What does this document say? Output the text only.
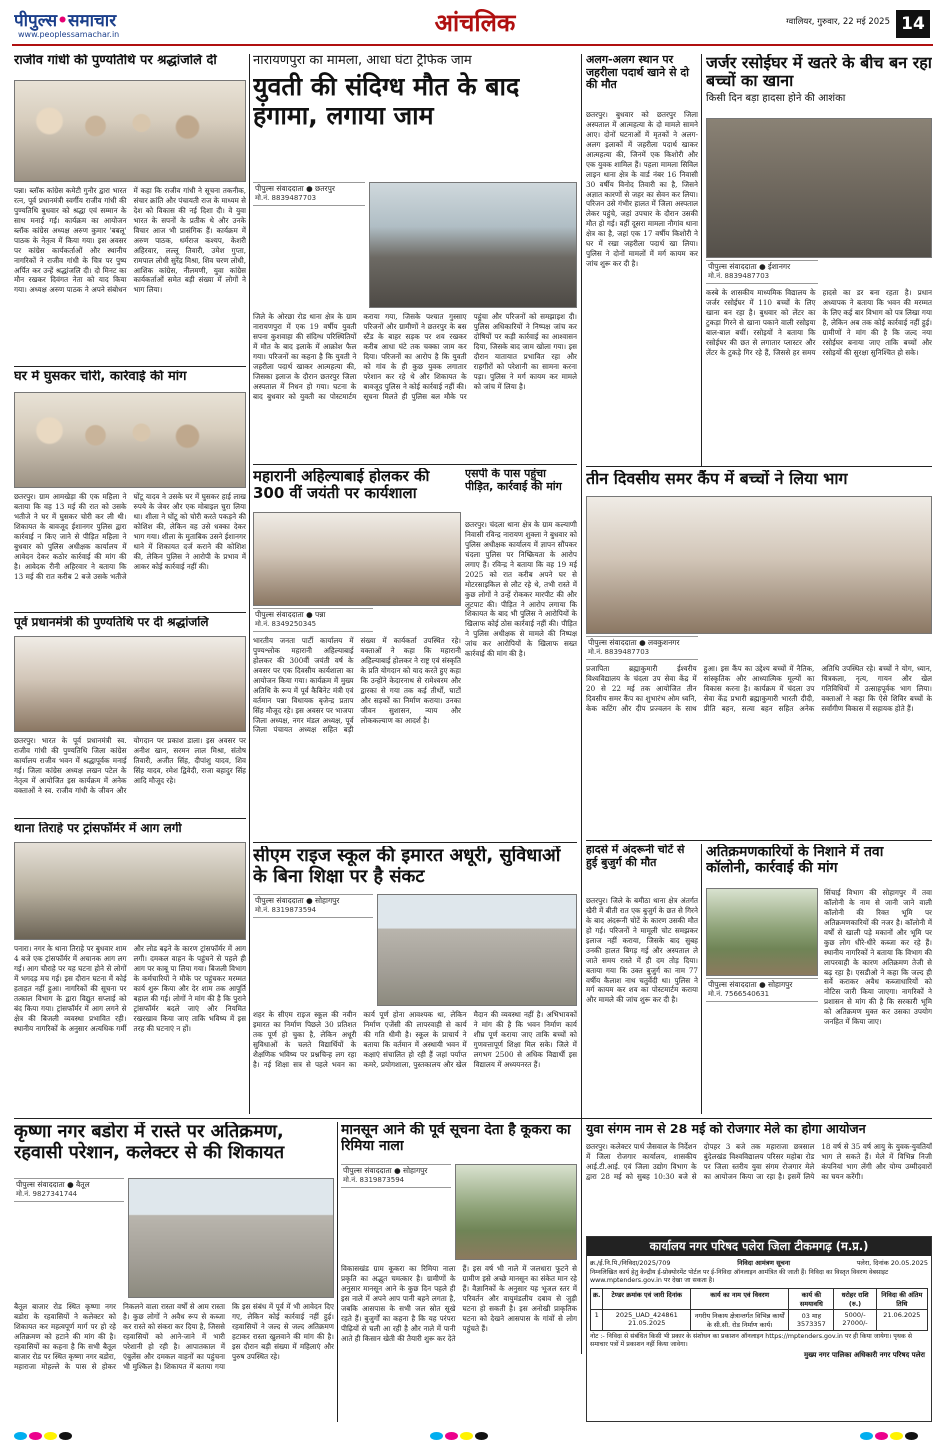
पीपुल्स•समाचार
www.peoplessamachar.in	आंचलिक	ग्वालियर, गुरुवार, 22 मई 2025 14
राजीव गांधी की पुण्यतिथि पर श्रद्धांजलि दी
पन्ना। ब्लॉक कांग्रेस कमेटी गुनौर द्वारा भारत रत्न, पूर्व प्रधानमंत्री स्वर्गीय राजीव गांधी की पुण्यतिथि बुधवार को श्रद्धा एवं सम्मान के साथ मनाई गई। कार्यक्रम का आयोजन ब्लॉक कांग्रेस अध्यक्ष अरुण कुमार 'बबलू' पाठक के नेतृत्व में किया गया। इस अवसर पर कांग्रेस कार्यकर्ताओं और स्थानीय नागरिकों ने राजीव गांधी के चित्र पर पुष्प अर्पित कर उन्हें श्रद्धांजलि दी। दो मिनट का मौन रखकर दिवंगत नेता को याद किया गया। अध्यक्ष अरुण पाठक ने अपने संबोधन में कहा कि राजीव गांधी ने सूचना तकनीक, संचार क्रांति और पंचायती राज के माध्यम से देश को विकास की नई दिशा दी। वे युवा भारत के सपनों के प्रतीक थे और उनके विचार आज भी प्रासंगिक हैं। कार्यक्रम में अरुण पाठक, धर्मराज कश्यप, केशरी अहिरवार, लल्लू तिवारी, उमेश गुप्ता, रामपाल लोधी सुरेंद्र मिश्रा, शिव चरण लोधी, आशिक कांग्रेस, नीलमणी, युवा कांग्रेस कार्यकर्ताओं समेत बड़ी संख्या में लोगों ने भाग लिया।
घर में घुसकर चोरी, कार्रवाई की मांग
छतरपुर। ग्राम आमखेड़ा की एक महिला ने बताया कि वह 13 मई की रात को उसके भतीजे ने घर में घुसकर चोरी कर ली थी। शिकायत के बावजूद ईशानगर पुलिस द्वारा कार्रवाई न किए जाने से पीड़ित महिला ने बुधवार को पुलिस अधीक्षक कार्यालय में आवेदन देकर कठोर कार्रवाई की मांग की है। आवेदक रीनी अहिरवार ने बताया कि 13 मई की रात करीब 2 बजे उसके भतीजे घोंटू यादव ने उसके घर में घुसकर हाई लाख रुपये के जेवर और एक मोबाइल चुरा लिया था। शीला ने घोंटू को चोरी करते पकड़ने की कोशिश की, लेकिन वह उसे धक्का देकर भाग गया। शीला के मुताबिक उसने ईशानगर थाने में शिकायत दर्ज कराने की कोशिश की, लेकिन पुलिस ने आरोपी के प्रभाव में आकर कोई कार्रवाई नहीं की।
पूर्व प्रधानमंत्री की पुण्यतिथि पर दी श्रद्धांजलि
छतरपुर। भारत के पूर्व प्रधानमंत्री स्व. राजीव गांधी की पुण्यतिथि जिला कांग्रेस कार्यालय राजीव भवन में श्रद्धापूर्वक मनाई गई। जिला कांग्रेस अध्यक्ष लखन पटेल के नेतृत्व में आयोजित इस कार्यक्रम में अनेक वक्ताओं ने स्व. राजीव गांधी के जीवन और योगदान पर प्रकाश डाला। इस अवसर पर अनीश खान, सरमन लाल मिश्रा, संतोष तिवारी, अजीत सिंह, दीपांशु यादव, शिव सिंह यादव, रमेश द्विवेदी, राजा बहादुर सिंह आदि मौजूद रहे।
थाना तिराहे पर ट्रांसफॉर्मर में आग लगी
पनारा। नगर के थाना तिराहे पर बुधवार शाम 4 बजे एक ट्रांसफॉर्मर में अचानक आग लग गई। आग चौराहे पर यह घटना होने से लोगों में भगदड़ मच गई। इस दौरान घटना में कोई हताहत नहीं हुआ। नागरिकों की सूचना पर तत्काल विभाग के द्वारा विद्युत सप्लाई को बंद किया गया। ट्रांसफॉर्मर में आग लगने से क्षेत्र की बिजली व्यवस्था प्रभावित रही। स्थानीय नागरिकों के अनुसार अत्यधिक गर्मी और लोड बढ़ने के कारण ट्रांसफॉर्मर में आग लगी। दमकल वाहन के पहुंचने से पहले ही आग पर काबू पा लिया गया। बिजली विभाग के कर्मचारियों ने मौके पर पहुंचकर मरम्मत कार्य शुरू किया और देर शाम तक आपूर्ति बहाल की गई। लोगों ने मांग की है कि पुराने ट्रांसफॉर्मर बदले जाएं और नियमित रखरखाव किया जाए ताकि भविष्य में इस तरह की घटनाएं न हों।
नारायणपुरा का मामला, आधा घंटा ट्रैफिक जाम
युवती की संदिग्ध मौत के बाद हंगामा, लगाया जाम
पीपुल्स संवाददाता ● छतरपुर
मो.नं. 8839487703
जिले के ओरछा रोड थाना क्षेत्र के ग्राम नारायणपुरा में एक 19 वर्षीय युवती सपना कुशवाहा की संदिग्ध परिस्थितियों में मौत के बाद इलाके में आक्रोश फैल गया। परिजनों का कहना है कि युवती ने जहरीला पदार्थ खाकर आत्महत्या की, जिसका इलाज के दौरान छतरपुर जिला अस्पताल में निधन हो गया। घटना के बाद बुधवार को युवती का पोस्टमार्टम कराया गया, जिसके पश्चात गुस्साए परिजनों और ग्रामीणों ने छतरपुर के बस स्टैंड के बाहर सड़क पर शव रखकर करीब आधा घंटे तक चक्का जाम कर दिया। परिजनों का आरोप है कि युवती को गांव के ही कुछ युवक लगातार परेशान कर रहे थे और शिकायत के बावजूद पुलिस ने कोई कार्रवाई नहीं की। सूचना मिलते ही पुलिस बल मौके पर पहुंचा और परिजनों को समझाइश दी। पुलिस अधिकारियों ने निष्पक्ष जांच कर दोषियों पर कड़ी कार्रवाई का आश्वासन दिया, जिसके बाद जाम खोला गया। इस दौरान यातायात प्रभावित रहा और राहगीरों को परेशानी का सामना करना पड़ा। पुलिस ने मर्ग कायम कर मामले को जांच में लिया है।
महारानी अहिल्याबाई होलकर की 300 वीं जयंती पर कार्यशाला
पीपुल्स संवाददाता ● पन्ना
मो.नं. 8349250345
भारतीय जनता पार्टी कार्यालय में पुण्यश्लोक महारानी अहिल्याबाई होलकर की 300वीं जयंती वर्ष के अवसर पर एक दिवसीय कार्यशाला का आयोजन किया गया। कार्यक्रम में मुख्य अतिथि के रूप में पूर्व कैबिनेट मंत्री एवं वर्तमान पन्ना विधायक बृजेन्द्र प्रताप सिंह मौजूद रहे। इस अवसर पर भाजपा जिला अध्यक्ष, नगर मंडल अध्यक्ष, पूर्व जिला पंचायत अध्यक्ष सहित बड़ी संख्या में कार्यकर्ता उपस्थित रहे। वक्ताओं ने कहा कि महारानी अहिल्याबाई होलकर ने राष्ट्र एवं संस्कृति के प्रति योगदान को याद करते हुए कहा कि उन्होंने केदारनाथ से रामेश्वरम और द्वारका से गया तक कई तीर्थों, घाटों और सड़कों का निर्माण कराया। उनका जीवन सुशासन, न्याय और लोककल्याण का आदर्श है।
एसपी के पास पहुंचा पीड़ित, कार्रवाई की मांग
छतरपुर। चंदला थाना क्षेत्र के ग्राम कल्याणी निवासी रविन्द्र नारायण शुक्ला ने बुधवार को पुलिस अधीक्षक कार्यालय में ज्ञापन सौंपकर चंदला पुलिस पर निष्क्रियता के आरोप लगाए हैं। रविन्द्र ने बताया कि वह 19 मई 2025 को रात करीब अपने घर से मोटरसाइकिल से लौट रहे थे, तभी रास्ते में कुछ लोगों ने उन्हें रोककर मारपीट की और लूटपाट की। पीड़ित ने आरोप लगाया कि शिकायत के बाद भी पुलिस ने आरोपियों के खिलाफ कोई ठोस कार्रवाई नहीं की। पीड़ित ने पुलिस अधीक्षक से मामले की निष्पक्ष जांच कर आरोपियों के खिलाफ सख्त कार्रवाई की मांग की है।
सीएम राइज स्कूल की इमारत अधूरी, सुविधाओं के बिना शिक्षा पर है संकट
पीपुल्स संवाददाता ● सोहागपुर
मो.नं. 8319873594
शहर के सीएम राइज स्कूल की नवीन इमारत का निर्माण पिछले 30 प्रतिशत तक पूर्ण हो चुका है, लेकिन अधूरी सुविधाओं के चलते विद्यार्थियों के शैक्षणिक भविष्य पर प्रश्नचिन्ह लग रहा है। नई शिक्षा सत्र से पहले भवन का कार्य पूर्ण होना आवश्यक था, लेकिन निर्माण एजेंसी की लापरवाही से कार्य की गति धीमी है। स्कूल के प्राचार्य ने बताया कि वर्तमान में अस्थायी भवन में कक्षाएं संचालित हो रही हैं जहां पर्याप्त कमरे, प्रयोगशाला, पुस्तकालय और खेल मैदान की व्यवस्था नहीं है। अभिभावकों ने मांग की है कि भवन निर्माण कार्य शीघ्र पूर्ण कराया जाए ताकि बच्चों को गुणवत्तापूर्ण शिक्षा मिल सके। जिले में लगभग 2500 से अधिक विद्यार्थी इस विद्यालय में अध्ययनरत हैं।
अलग-अलग स्थान पर जहरीला पदार्थ खाने से दो की मौत
छतरपुर। बुधवार को छतरपुर जिला अस्पताल में आत्महत्या के दो मामले सामने आए। दोनों घटनाओं में मृतकों ने अलग-अलग इलाकों में जहरीला पदार्थ खाकर आत्महत्या की, जिनमें एक किशोरी और एक युवक शामिल हैं। पहला मामला सिविल लाइन थाना क्षेत्र के वार्ड नंबर 16 निवासी 30 वर्षीय विनोद तिवारी का है, जिसने अज्ञात कारणों से जहर का सेवन कर लिया। परिजन उसे गंभीर हालत में जिला अस्पताल लेकर पहुंचे, जहां उपचार के दौरान उसकी मौत हो गई। वहीं दूसरा मामला नौगांव थाना क्षेत्र का है, जहां एक 17 वर्षीय किशोरी ने घर में रखा जहरीला पदार्थ खा लिया। पुलिस ने दोनों मामलों में मर्ग कायम कर जांच शुरू कर दी है।
जर्जर रसोईघर में खतरे के बीच बन रहा बच्चों का खाना
किसी दिन बड़ा हादसा होने की आशंका
पीपुल्स संवाददाता ● ईशानगर
मो.नं. 8839487703
कस्बे के शासकीय माध्यमिक विद्यालय के जर्जर रसोईघर में 110 बच्चों के लिए खाना बन रहा है। बुधवार को लेंटर का टुकड़ा गिरने से खाना पकाने वाली रसोइया बाल-बाल बचीं। रसोइयों ने बताया कि रसोईघर की छत से लगातार प्लास्टर और लेंटर के टुकड़े गिर रहे हैं, जिससे हर समय हादसे का डर बना रहता है। प्रधान अध्यापक ने बताया कि भवन की मरम्मत के लिए कई बार विभाग को पत्र लिखा गया है, लेकिन अब तक कोई कार्रवाई नहीं हुई। ग्रामीणों ने मांग की है कि जल्द नया रसोईघर बनाया जाए ताकि बच्चों और रसोइयों की सुरक्षा सुनिश्चित हो सके।
तीन दिवसीय समर कैंप में बच्चों ने लिया भाग
पीपुल्स संवाददाता ● लवकुशनगर
मो.नं. 8839487703
प्रजापिता ब्रह्माकुमारी ईश्वरीय विश्वविद्यालय के चंदला उप सेवा केंद्र में 20 से 22 मई तक आयोजित तीन दिवसीय समर कैंप का शुभारंभ ओम ध्वनि, केक कटिंग और दीप प्रज्वलन के साथ हुआ। इस कैंप का उद्देश्य बच्चों में नैतिक, सांस्कृतिक और आध्यात्मिक मूल्यों का विकास करना है। कार्यक्रम में चंदला उप सेवा केंद्र प्रभारी ब्रह्माकुमारी भारती दीदी, प्रीति बहन, सत्या बहन सहित अनेक अतिथि उपस्थित रहे। बच्चों ने योग, ध्यान, चित्रकला, नृत्य, गायन और खेल गतिविधियों में उत्साहपूर्वक भाग लिया। वक्ताओं ने कहा कि ऐसे शिविर बच्चों के सर्वांगीण विकास में सहायक होते हैं।
हादसे में अंदरूनी चोटें से हुई बुजुर्ग की मौत
छतरपुर। जिले के बमीठा थाना क्षेत्र अंतर्गत खैरी में बीती रात एक बुजुर्ग के छत से गिरने के बाद अंदरूनी चोटें के कारण उसकी मौत हो गई। परिजनों ने मामूली चोट समझकर इलाज नहीं कराया, जिसके बाद सुबह उनकी हालत बिगड़ गई और अस्पताल ले जाते समय रास्ते में ही दम तोड़ दिया। बताया गया कि उक्त बुजुर्ग का नाम 77 वर्षीय कैलाश नाथ चतुर्वेदी था। पुलिस ने मर्ग कायम कर शव का पोस्टमार्टम कराया और मामले की जांच शुरू कर दी है।
अतिक्रमणकारियों के निशाने में तवा कॉलोनी, कार्रवाई की मांग
पीपुल्स संवाददाता ● सोहागपुर
मो.नं. 7566540631
सिंचाई विभाग की सोहागपुर में तवा कॉलोनी के नाम से जानी जाने वाली कॉलोनी की रिक्त भूमि पर अतिक्रमणकारियों की नजर है। कॉलोनी में वर्षों से खाली पड़े मकानों और भूमि पर कुछ लोग धीरे-धीरे कब्जा कर रहे हैं। स्थानीय नागरिकों ने बताया कि विभाग की लापरवाही के कारण अतिक्रमण तेजी से बढ़ रहा है। एसडीओ ने कहा कि जल्द ही सर्वे कराकर अवैध कब्जाधारियों को नोटिस जारी किया जाएगा। नागरिकों ने प्रशासन से मांग की है कि सरकारी भूमि को अतिक्रमण मुक्त कर उसका उपयोग जनहित में किया जाए।
कृष्णा नगर बडोरा में रास्ते पर अतिक्रमण, रहवासी परेशान, कलेक्टर से की शिकायत
पीपुल्स संवाददाता ● बैतूल
मो.नं. 9827341744
बैतूल बाजार रोड स्थित कृष्णा नगर बडोरा के रहवासियों ने कलेक्टर को शिकायत कर महत्वपूर्ण मार्ग पर हो रहे अतिक्रमण को हटाने की मांग की है। रहवासियों का कहना है कि सभी बैतूल बाजार रोड पर स्थित कृष्णा नगर बडोरा, महाराजा मोहल्ले के पास से होकर निकलने वाला रास्ता वर्षों से आम रास्ता है। कुछ लोगों ने अवैध रूप से कब्जा कर रास्ते को संकरा कर दिया है, जिससे रहवासियों को आने-जाने में भारी परेशानी हो रही है। आपातकाल में एंबुलेंस और दमकल वाहनों का पहुंचना भी मुश्किल है। शिकायत में बताया गया कि इस संबंध में पूर्व में भी आवेदन दिए गए, लेकिन कोई कार्रवाई नहीं हुई। रहवासियों ने जल्द से जल्द अतिक्रमण हटाकर रास्ता खुलवाने की मांग की है। इस दौरान बड़ी संख्या में महिलाएं और पुरुष उपस्थित रहे।
मानसून आने की पूर्व सूचना देता है कूकरा का रिमिया नाला
पीपुल्स संवाददाता ● सोहागपुर
मो.नं. 8319873594
विकासखंड ग्राम कूकरा का रिमिया नाला प्रकृति का अद्भुत चमत्कार है। ग्रामीणों के अनुसार मानसून आने के कुछ दिन पहले ही इस नाले में अपने आप पानी बहने लगता है, जबकि आसपास के सभी जल स्रोत सूखे रहते हैं। बुजुर्गों का कहना है कि यह परंपरा पीढ़ियों से चली आ रही है और नाले में पानी आते ही किसान खेती की तैयारी शुरू कर देते हैं। इस वर्ष भी नाले में जलधारा फूटने से ग्रामीण इसे अच्छे मानसून का संकेत मान रहे हैं। वैज्ञानिकों के अनुसार यह भूजल स्तर में परिवर्तन और वायुमंडलीय दबाव से जुड़ी घटना हो सकती है। इस अनोखी प्राकृतिक घटना को देखने आसपास के गांवों से लोग पहुंचते हैं।
युवा संगम नाम से 28 मई को रोजगार मेले का होगा आयोजन
छतरपुर। कलेक्टर पार्थ जैसवाल के निर्देशन में जिला रोजगार कार्यालय, शासकीय आई.टी.आई. एवं जिला उद्योग विभाग के द्वारा 28 मई को सुबह 10:30 बजे से दोपहर 3 बजे तक महाराजा छत्रसाल बुंदेलखंड विश्वविद्यालय परिसर महोबा रोड पर जिला स्तरीय युवा संगम रोजगार मेले का आयोजन किया जा रहा है। इसमें लिये 18 वर्ष से 35 वर्ष आयु के युवक-युवतियाँ भाग ले सकते हैं। मेले में विभिन्न निजी कंपनियां भाग लेंगी और योग्य उम्मीदवारों का चयन करेंगी।
कार्यालय नगर परिषद पलेरा जिला टीकमगढ़ (म.प्र.)
क्र./ई.नि.पि./निविदा/2025/709	निविदा आमंत्रण सूचना	पलेरा, दिनांक 20.05.2025
निम्नलिखित कार्य हेतु केन्द्रीय ई-प्रोक्योरमेंट पोर्टल पर ई-निविदा ऑनलाइन आमंत्रित की जाती हैं। निविदा का विस्तृत विवरण वेबसाइट www.mptenders.gov.in पर देखा जा सकता है।
क्र.	टेण्डर क्रमांक एवं जारी दिनांक	कार्य का नाम एवं विवरण	कार्य की समयावधि	धरोहर राशि (रु.)	निविदा की अंतिम तिथि
1	2025_UAD_424861 21.05.2025	नगरीय निकाय क्षेत्रान्तर्गत विभिन्न कार्यों के सी.सी. रोड निर्माण कार्य।	03 माह 3573357	5000/- 27000/-	21.06.2025
नोट :- निविदा से संबंधित किसी भी प्रकार के संशोधन का प्रकाशन ऑनलाइन https://mptenders.gov.in पर ही किया जायेगा। पृथक से समाचार पत्रों में प्रकाशन नहीं किया जावेगा।
मुख्य नगर पालिका अधिकारी नगर परिषद पलेरा
